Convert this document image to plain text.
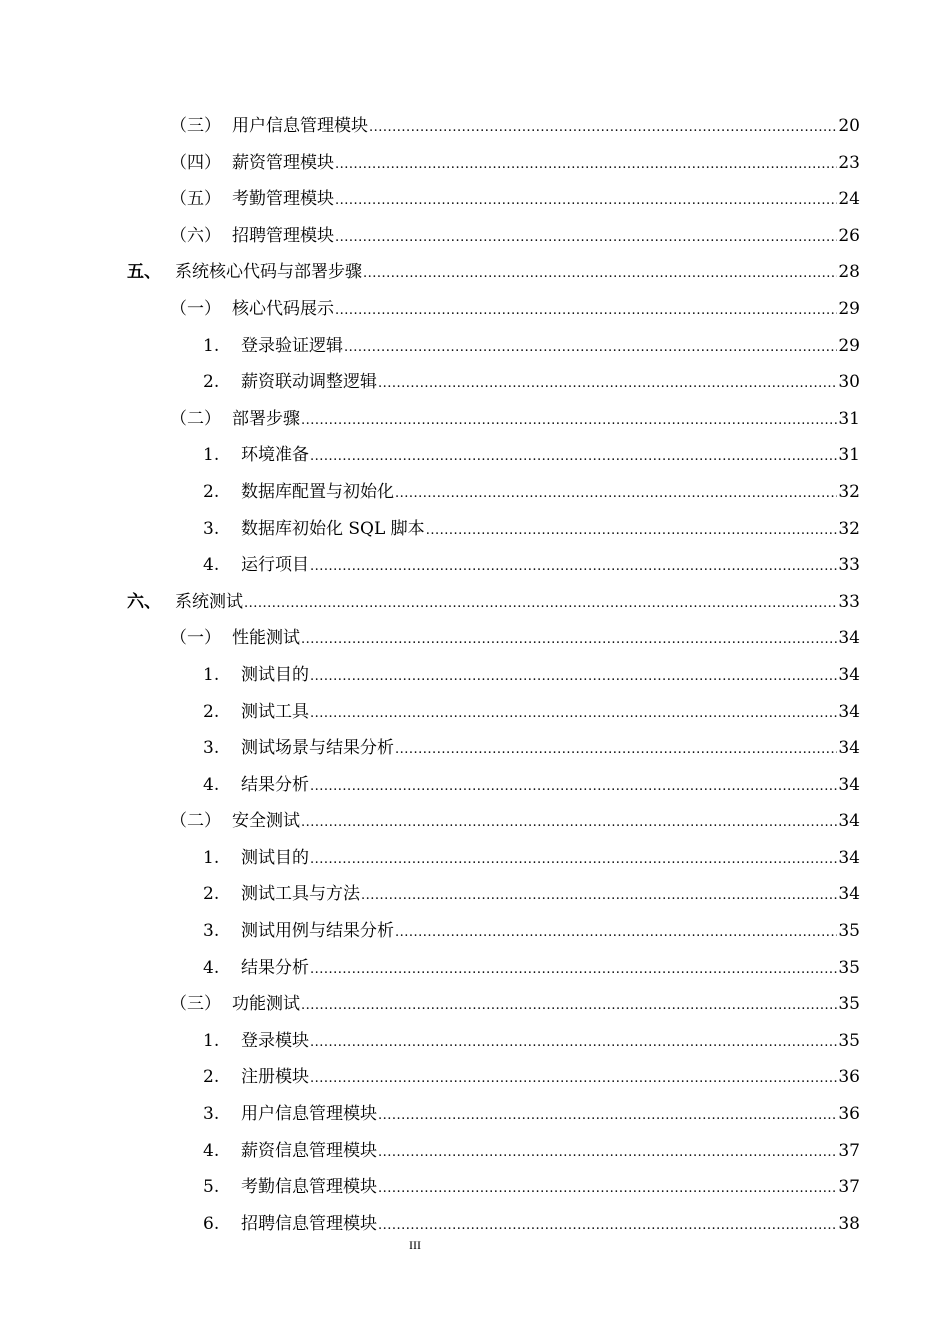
（三） 用户信息管理模块 .....	20
（四） 薪资管理模块 .....	23
（五） 考勤管理模块 .....	24
（六） 招聘管理模块 .....	26
五、 系统核心代码与部署步骤 .....	28
（一） 核心代码展示 .....	29
1.	登录验证逻辑 .....	29
2.	薪资联动调整逻辑 .....	30
（二） 部署步骤 .....	31
1.	环境准备 .....	31
2.	数据库配置与初始化 .....	32
3.	数据库初始化 SQL 脚本 .....	32
4.	运行项目 .....	33
六、 系统测试 .....	33
（一） 性能测试 .....	34
1.	测试目的 .....	34
2.	测试工具 .....	34
3.	测试场景与结果分析 .....	34
4.	结果分析 .....	34
（二） 安全测试 .....	34
1.	测试目的 .....	34
2.	测试工具与方法 .....	34
3.	测试用例与结果分析 .....	35
4.	结果分析 .....	35
（三） 功能测试 .....	35
1.	登录模块 .....	35
2.	注册模块 .....	36
3.	用户信息管理模块 .....	36
4.	薪资信息管理模块 .....	37
5.	考勤信息管理模块 .....	37
6.	招聘信息管理模块 .....	38
III
